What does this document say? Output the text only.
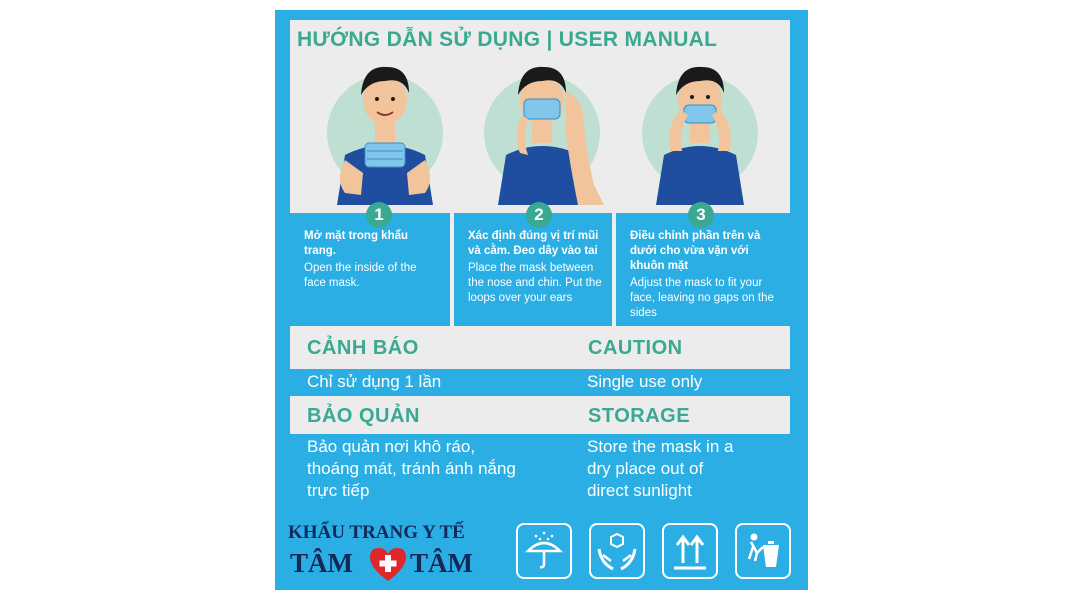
HƯỚNG DẪN SỬ DỤNG | USER MANUAL
Mở mặt trong khẩu trang.
Open the inside of the face mask.
Xác định đúng vị trí mũi và cằm. Đeo dây vào tai
Place the mask between the nose and chin. Put the loops over your ears
Điều chỉnh phần trên và dưới cho vừa vặn với khuôn mặt
Adjust the mask to fit your face, leaving no gaps on the sides
1	2	3
CẢNH BÁO	CAUTION
Chỉ sử dụng 1 lần	Single use only
BẢO QUẢN	STORAGE
Bảo quản nơi khô ráo, thoáng mát, tránh ánh nắng trực tiếp
Store the mask in a dry place out of direct sunlight
KHẨU TRANG Y TẾ
TÂM TÂM
